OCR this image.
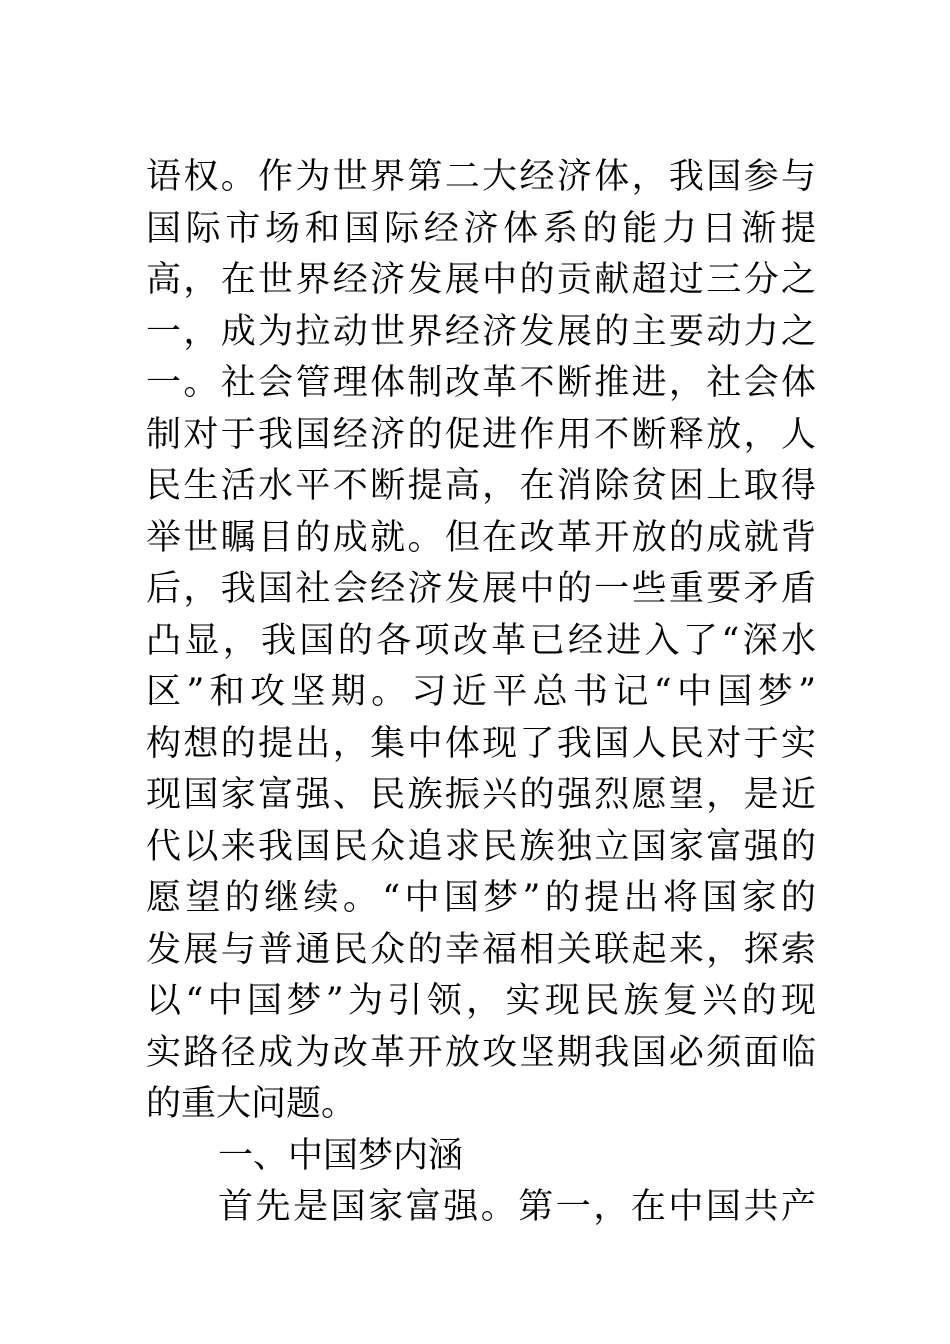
语权。作为世界第二大经济体，我国参与
国际市场和国际经济体系的能力日渐提
高，在世界经济发展中的贡献超过三分之
一，成为拉动世界经济发展的主要动力之
一。社会管理体制改革不断推进，社会体
制对于我国经济的促进作用不断释放，人
民生活水平不断提高，在消除贫困上取得
举世瞩目的成就。但在改革开放的成就背
后，我国社会经济发展中的一些重要矛盾
凸显，我国的各项改革已经进入了“深水
区”和攻坚期。习近平总书记“中国梦”
构想的提出，集中体现了我国人民对于实
现国家富强、民族振兴的强烈愿望，是近
代以来我国民众追求民族独立国家富强的
愿望的继续。“中国梦”的提出将国家的
发展与普通民众的幸福相关联起来，探索
以“中国梦”为引领，实现民族复兴的现
实路径成为改革开放攻坚期我国必须面临
的重大问题。
一、中国梦内涵
首先是国家富强。第一，在中国共产
